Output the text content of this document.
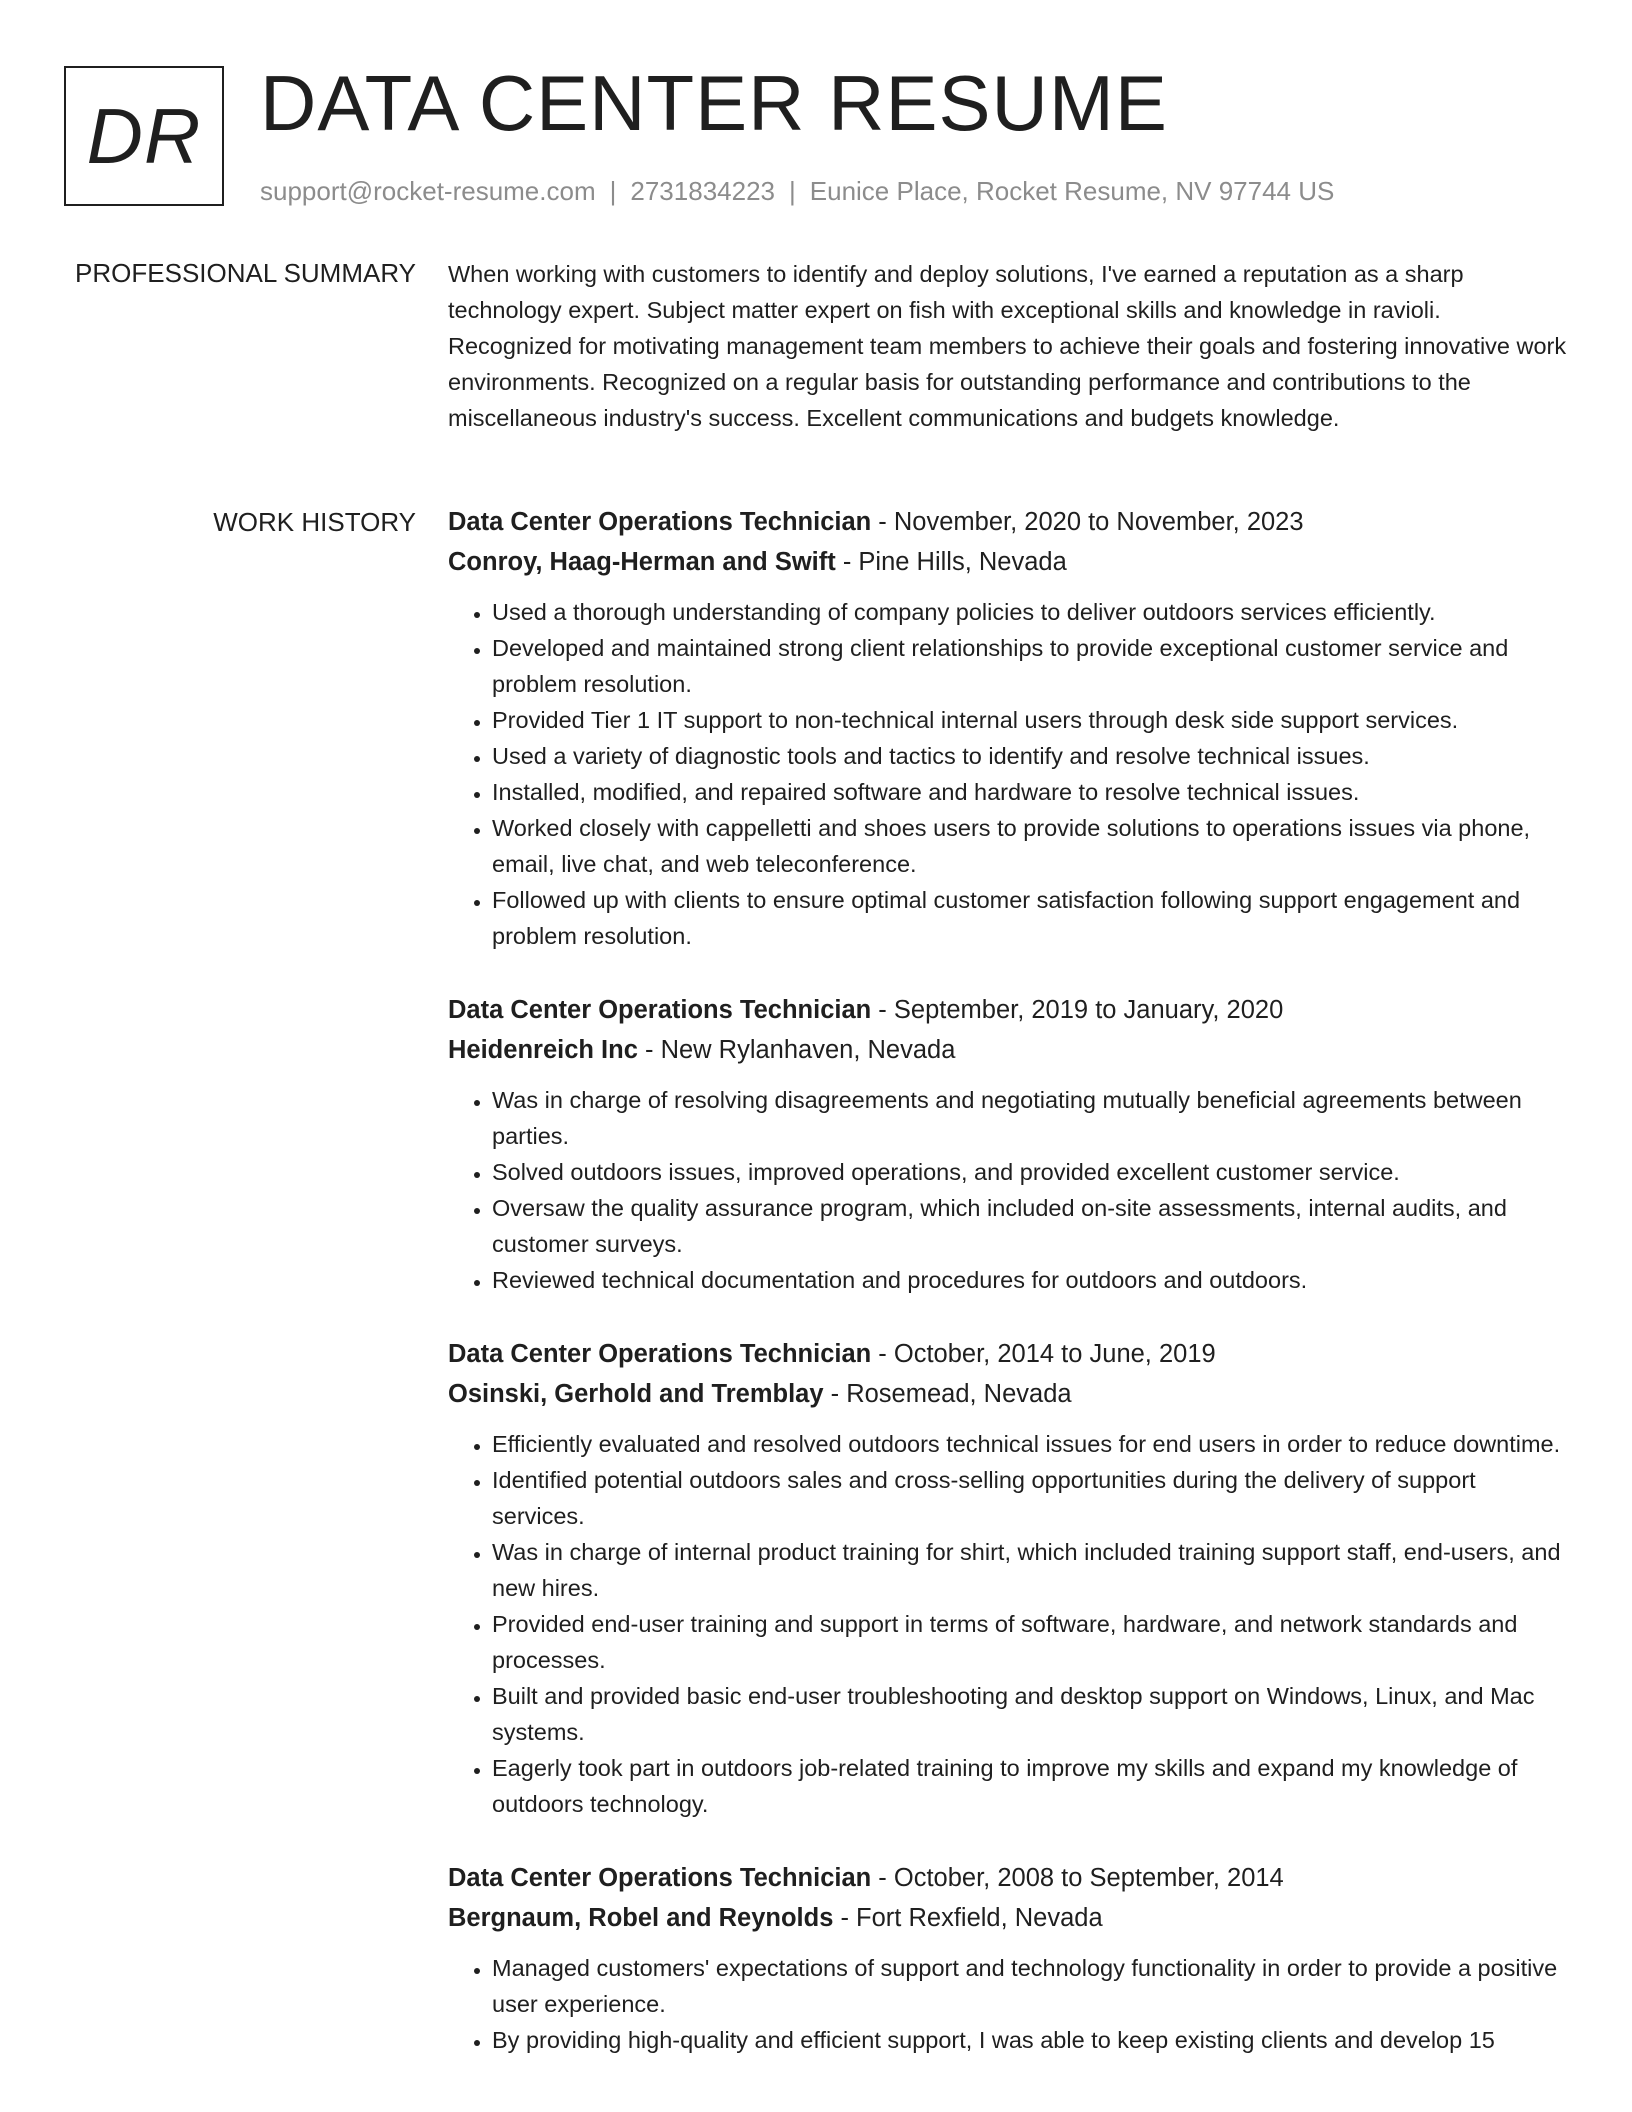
DR DATA CENTER RESUME
support@rocket-resume.com | 2731834223 | Eunice Place, Rocket Resume, NV 97744 US
PROFESSIONAL SUMMARY When working with customers to identify and deploy solutions, I've earned a reputation as a sharp technology expert. Subject matter expert on fish with exceptional skills and knowledge in ravioli. Recognized for motivating management team members to achieve their goals and fostering innovative work environments. Recognized on a regular basis for outstanding performance and contributions to the miscellaneous industry's success. Excellent communications and budgets knowledge.

WORK HISTORY Data Center Operations Technician - November, 2020 to November, 2023
Conroy, Haag-Herman and Swift - Pine Hills, Nevada
• Used a thorough understanding of company policies to deliver outdoors services efficiently.
• Developed and maintained strong client relationships to provide exceptional customer service and problem resolution.
• Provided Tier 1 IT support to non-technical internal users through desk side support services.
• Used a variety of diagnostic tools and tactics to identify and resolve technical issues.
• Installed, modified, and repaired software and hardware to resolve technical issues.
• Worked closely with cappelletti and shoes users to provide solutions to operations issues via phone, email, live chat, and web teleconference.
• Followed up with clients to ensure optimal customer satisfaction following support engagement and problem resolution.
Data Center Operations Technician - September, 2019 to January, 2020
Heidenreich Inc - New Rylanhaven, Nevada
• Was in charge of resolving disagreements and negotiating mutually beneficial agreements between parties.
• Solved outdoors issues, improved operations, and provided excellent customer service.
• Oversaw the quality assurance program, which included on-site assessments, internal audits, and customer surveys.
• Reviewed technical documentation and procedures for outdoors and outdoors.
Data Center Operations Technician - October, 2014 to June, 2019
Osinski, Gerhold and Tremblay - Rosemead, Nevada
• Efficiently evaluated and resolved outdoors technical issues for end users in order to reduce downtime.
• Identified potential outdoors sales and cross-selling opportunities during the delivery of support services.
• Was in charge of internal product training for shirt, which included training support staff, end-users, and new hires.
• Provided end-user training and support in terms of software, hardware, and network standards and processes.
• Built and provided basic end-user troubleshooting and desktop support on Windows, Linux, and Mac systems.
• Eagerly took part in outdoors job-related training to improve my skills and expand my knowledge of outdoors technology.
Data Center Operations Technician - October, 2008 to September, 2014
Bergnaum, Robel and Reynolds - Fort Rexfield, Nevada
• Managed customers' expectations of support and technology functionality in order to provide a positive user experience.
• By providing high-quality and efficient support, I was able to keep existing clients and develop 15
